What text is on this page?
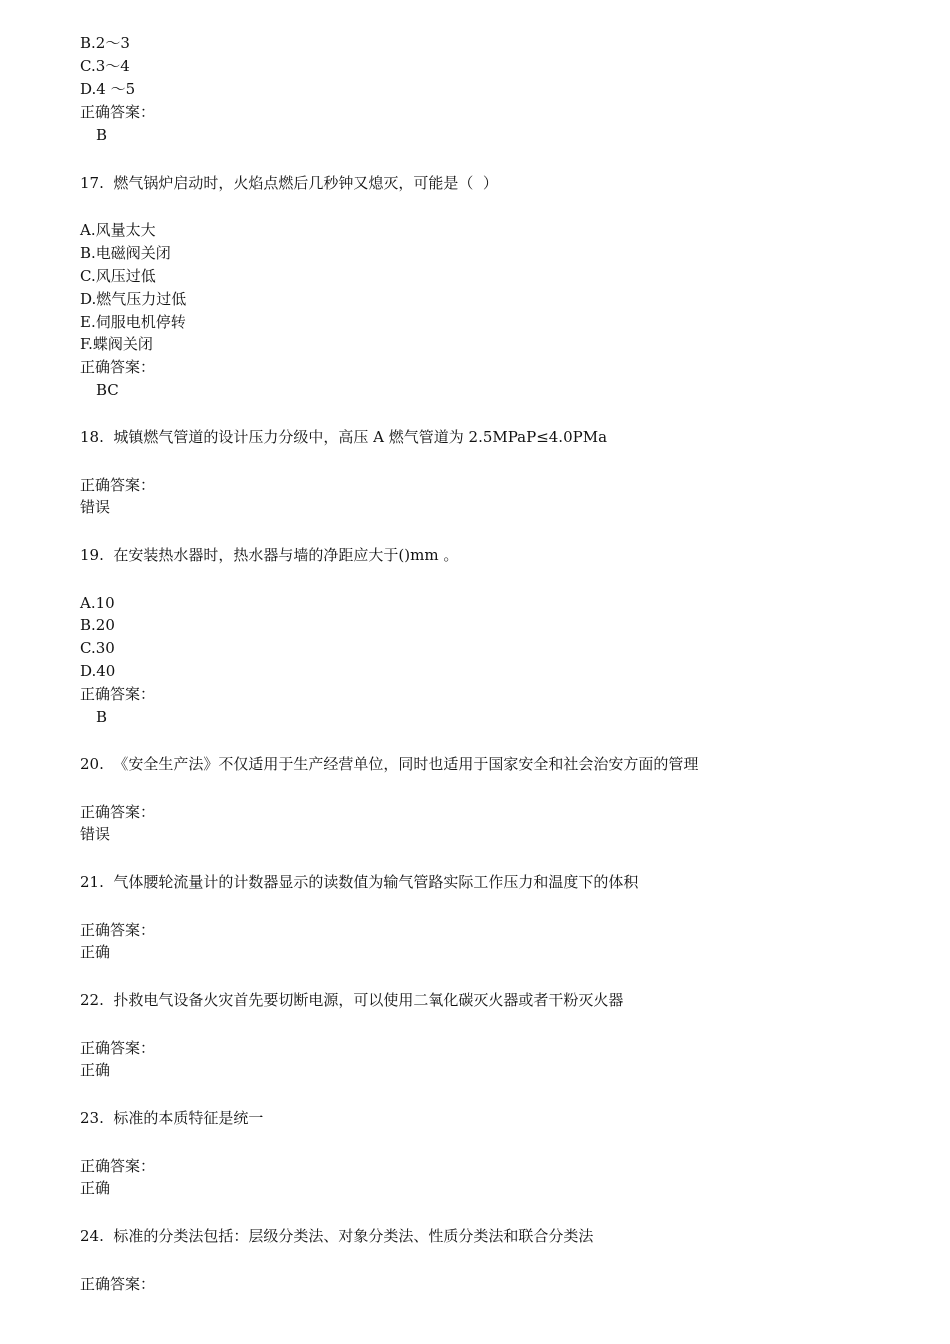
B.2～3
C.3～4
D.4 ～5
正确答案：
B
17.  燃气锅炉启动时，火焰点燃后几秒钟又熄灭，可能是（  ）
A.风量太大
B.电磁阀关闭
C.风压过低
D.燃气压力过低
E.伺服电机停转
F.蝶阀关闭
正确答案：
BC
18.  城镇燃气管道的设计压力分级中，高压 A 燃气管道为 2.5MPaP≤4.0PMa
正确答案：
错误
19.  在安装热水器时，热水器与墙的净距应大于()mm 。
A.10
B.20
C.30
D.40
正确答案：
B
20.  《安全生产法》不仅适用于生产经营单位，同时也适用于国家安全和社会治安方面的管理
正确答案：
错误
21.  气体腰轮流量计的计数器显示的读数值为输气管路实际工作压力和温度下的体积
正确答案：
正确
22.  扑救电气设备火灾首先要切断电源，可以使用二氧化碳灭火器或者干粉灭火器
正确答案：
正确
23.  标准的本质特征是统一
正确答案：
正确
24.  标准的分类法包括：层级分类法、对象分类法、性质分类法和联合分类法
正确答案：
